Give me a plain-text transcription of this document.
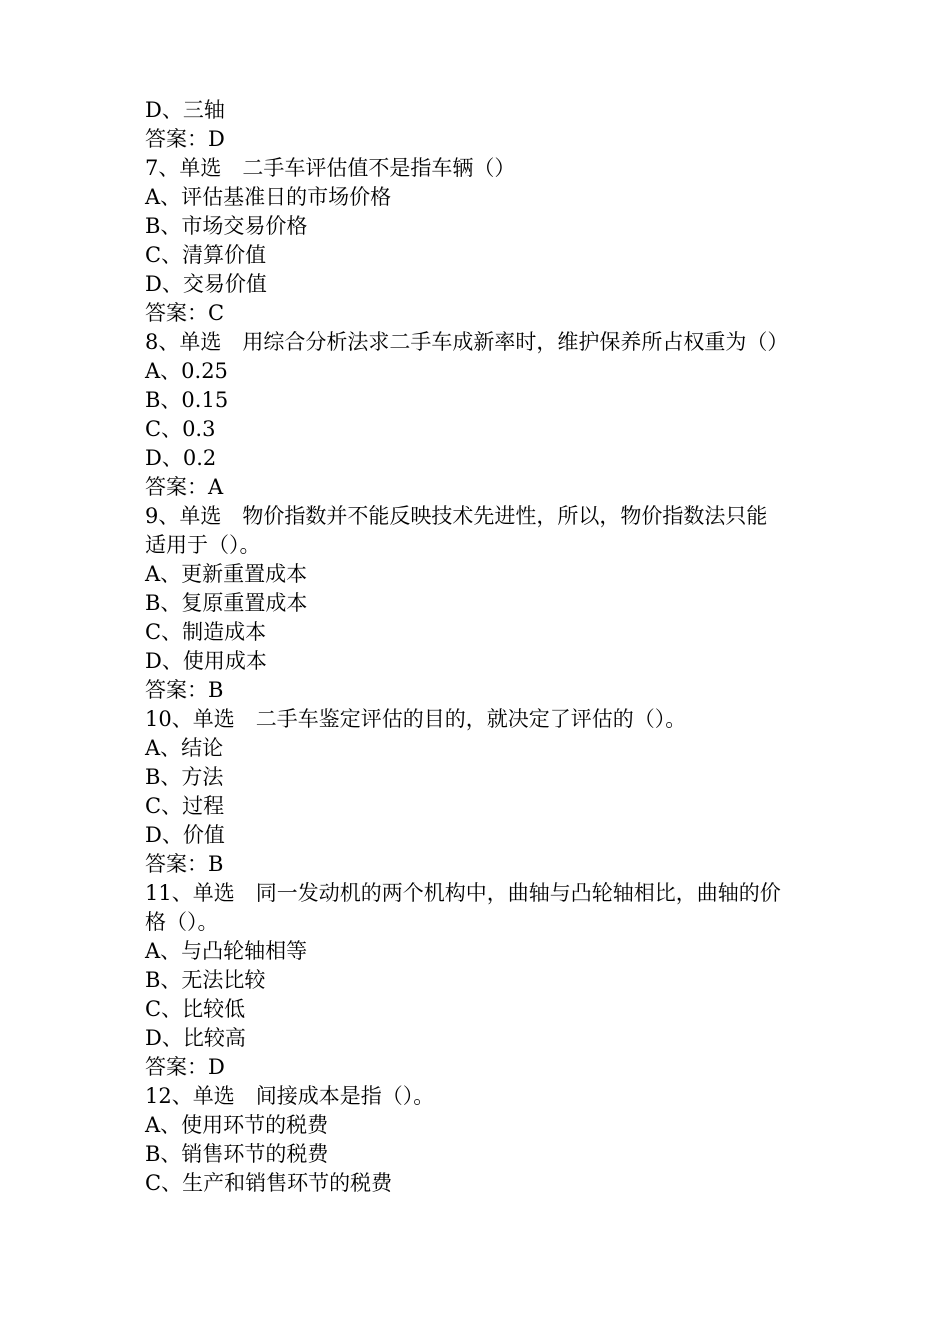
D、三轴
答案：D
7、单选　二手车评估值不是指车辆（）
A、评估基准日的市场价格
B、市场交易价格
C、清算价值
D、交易价值
答案：C
8、单选　用综合分析法求二手车成新率时，维护保养所占权重为（）
A、0.25
B、0.15
C、0.3
D、0.2
答案：A
9、单选　物价指数并不能反映技术先进性，所以，物价指数法只能
适用于（）。
A、更新重置成本
B、复原重置成本
C、制造成本
D、使用成本
答案：B
10、单选　二手车鉴定评估的目的，就决定了评估的（）。
A、结论
B、方法
C、过程
D、价值
答案：B
11、单选　同一发动机的两个机构中，曲轴与凸轮轴相比，曲轴的价
格（）。
A、与凸轮轴相等
B、无法比较
C、比较低
D、比较高
答案：D
12、单选　间接成本是指（）。
A、使用环节的税费
B、销售环节的税费
C、生产和销售环节的税费
